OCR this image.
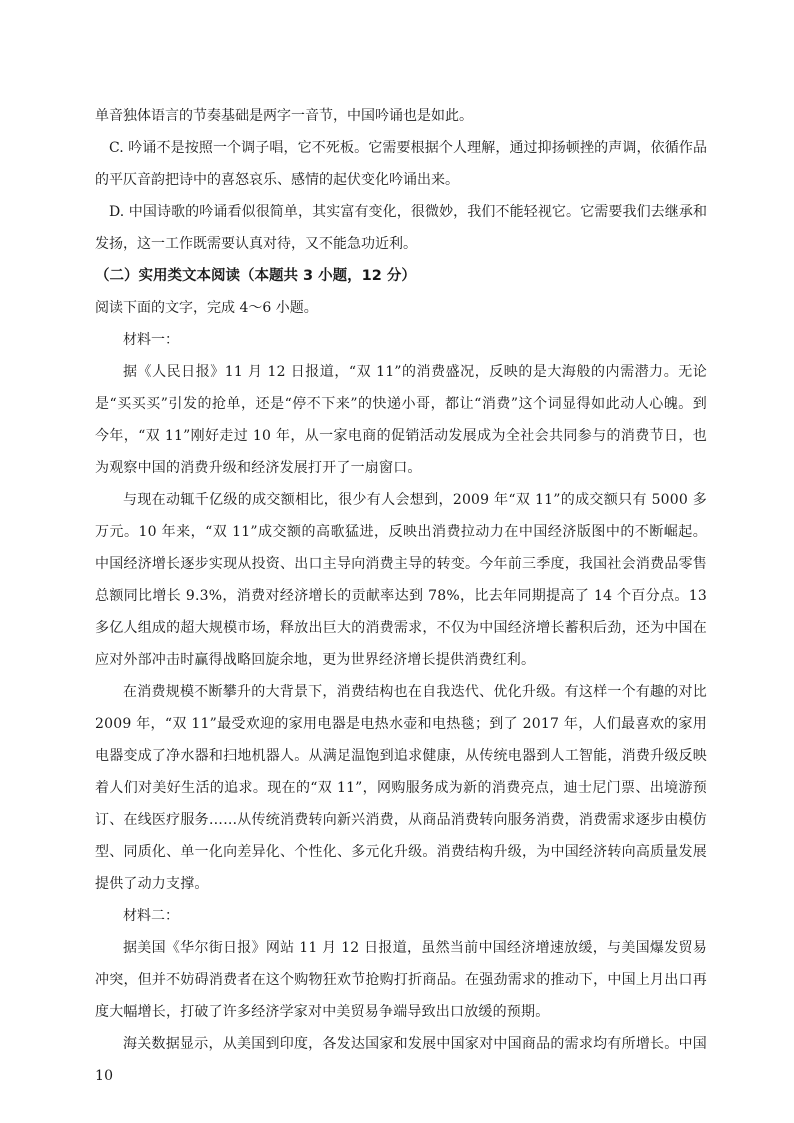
单音独体语言的节奏基础是两字一音节，中国吟诵也是如此。

C. 吟诵不是按照一个调子唱，它不死板。它需要根据个人理解，通过抑扬顿挫的声调，依循作品的平仄音韵把诗中的喜怒哀乐、感情的起伏变化吟诵出来。

D. 中国诗歌的吟诵看似很简单，其实富有变化，很微妙，我们不能轻视它。它需要我们去继承和发扬，这一工作既需要认真对待，又不能急功近利。

（二）实用类文本阅读（本题共 3 小题，12 分）

阅读下面的文字，完成 4～6 小题。

材料一：

据《人民日报》11 月 12 日报道，“双 11”的消费盛况，反映的是大海般的内需潜力。无论是“买买买”引发的抢单，还是“停不下来”的快递小哥，都让“消费”这个词显得如此动人心魄。到今年，“双 11”刚好走过 10 年，从一家电商的促销活动发展成为全社会共同参与的消费节日，也为观察中国的消费升级和经济发展打开了一扇窗口。

与现在动辄千亿级的成交额相比，很少有人会想到，2009 年“双 11”的成交额只有 5000 多万元。10 年来，“双 11”成交额的高歌猛进，反映出消费拉动力在中国经济版图中的不断崛起。中国经济增长逐步实现从投资、出口主导向消费主导的转变。今年前三季度，我国社会消费品零售总额同比增长 9.3%，消费对经济增长的贡献率达到 78%，比去年同期提高了 14 个百分点。13 多亿人组成的超大规模市场，释放出巨大的消费需求，不仅为中国经济增长蓄积后劲，还为中国在应对外部冲击时赢得战略回旋余地，更为世界经济增长提供消费红利。

在消费规模不断攀升的大背景下，消费结构也在自我迭代、优化升级。有这样一个有趣的对比2009 年，“双 11”最受欢迎的家用电器是电热水壶和电热毯；到了 2017 年，人们最喜欢的家用电器变成了净水器和扫地机器人。从满足温饱到追求健康，从传统电器到人工智能，消费升级反映着人们对美好生活的追求。现在的“双 11”，网购服务成为新的消费亮点，迪士尼门票、出境游预订、在线医疗服务……从传统消费转向新兴消费，从商品消费转向服务消费，消费需求逐步由模仿型、同质化、单一化向差异化、个性化、多元化升级。消费结构升级，为中国经济转向高质量发展提供了动力支撑。

材料二：

据美国《华尔街日报》网站 11 月 12 日报道，虽然当前中国经济增速放缓，与美国爆发贸易冲突，但并不妨碍消费者在这个购物狂欢节抢购打折商品。在强劲需求的推动下，中国上月出口再度大幅增长，打破了许多经济学家对中美贸易争端导致出口放缓的预期。

海关数据显示，从美国到印度，各发达国家和发展中国家对中国商品的需求均有所增长。中国 10
